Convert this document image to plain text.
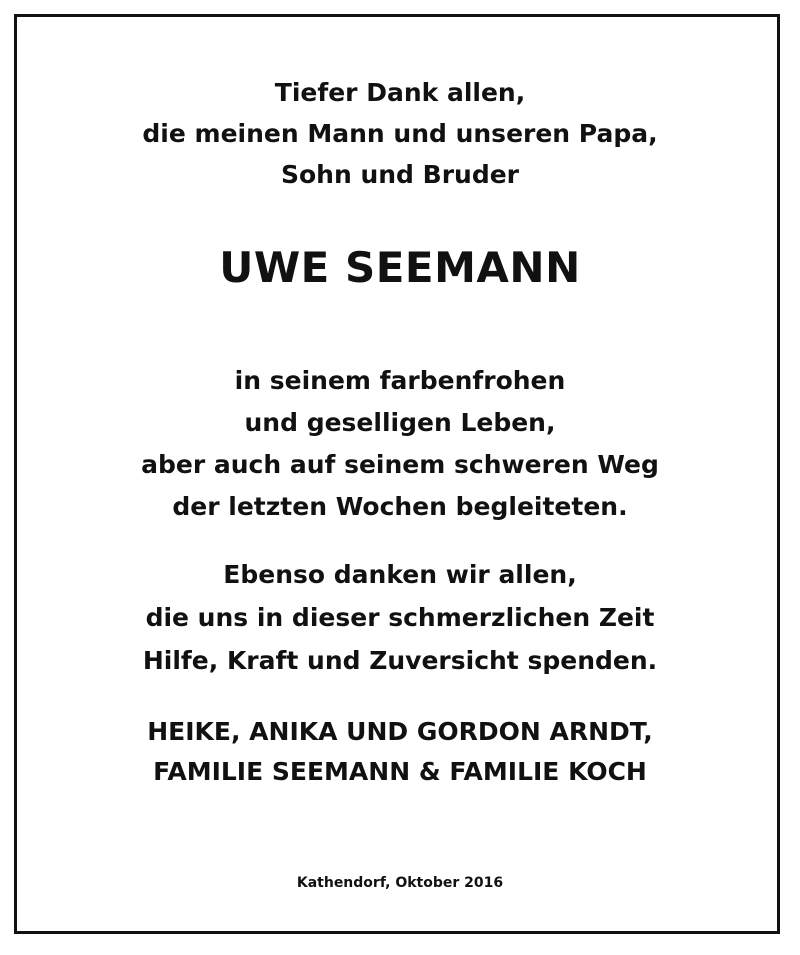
Tiefer Dank allen,
die meinen Mann und unseren Papa,
Sohn und Bruder
UWE SEEMANN
in seinem farbenfrohen
und geselligen Leben,
aber auch auf seinem schweren Weg
der letzten Wochen begleiteten.
Ebenso danken wir allen,
die uns in dieser schmerzlichen Zeit
Hilfe, Kraft und Zuversicht spenden.
HEIKE, ANIKA UND GORDON ARNDT,
FAMILIE SEEMANN & FAMILIE KOCH
Kathendorf, Oktober 2016
